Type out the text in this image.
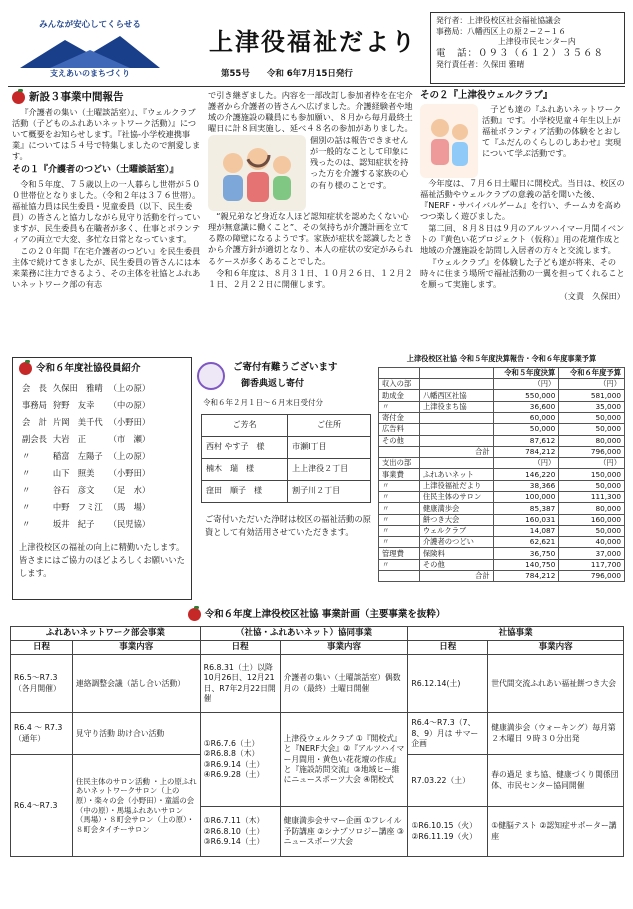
みんなが安心してくらせる
支えあいのまちづくり
上津役福祉だより
第55号 令和 6年7月15日発行
発行者：上津役校区社会福祉協議会
事務局：八幡西区上の原２−２−１６
上津役市民センター内
電　話：０９３（６１２）３５６８
発行責任者：久保田 雅晴
新設３事業中間報告

『介護者の集い（土曜談話室）』、『ウェルクラブ活動（子どものふれあいネットワーク活動）』について概要をお知らせします。『社協-小学校連携事業』については５４号で特集しましたので割愛します。

その１『介護者のつどい（土曜談話室）』

令和５年度、７５歳以上の一人暮らし世帯が５００世帯位となりました。（令和２年は３７６世帯）。福祉協力員は民生委員・児童委員（以下、民生委員）の皆さんと協力しながら見守り活動を行っていますが、民生委員も在職者が多く、仕事とボランティアの両立で大変、多忙な日常となっています。

この２０年間『在宅介護者のつどい』を民生委員主体で続けてきましたが、民生委員の皆さんには本来業務に注力できるよう、その主体を社協とふれあいネットワーク部の有志

で引き継ぎました。内容を一部改訂し参加者枠を在宅介護者から介護者の皆さんへ広げました。介護経験者や地域の介護施設の職員にも参加願い、８月から毎月最終土曜日に計８回実施し、延べ４８名の参加がありました。

個別の話は報告できませんが一般的なことして印象に残ったのは、認知症状を持った方を介護する家族の心の有り様のことです。

“親兄弟など身近な人ほど認知症状を認めたくない心理が無意識に働くこと”、その気持ちが介護計画を立てる際の障壁になるようです。家族が症状を認識したときから介護方針が適切となり、本人の症状の安定がみられるケースが多くあることでした。

令和６年度は、８月３１日、１０月２６日、１２月２１日、２月２２日に開催します。

その２『上津役ウェルクラブ』

子ども達の『ふれあいネットワーク活動』です。小学校児童４年生以上が福祉ボランティア活動の体験をとおして『ふだんのくらしのしあわせ』実現について学ぶ活動です。

今年度は、７月６日土曜日に開校式。当日は、校区の福祉活動やウェルクラブの意義の話を聞いた後、『NERF・サバイバルゲーム』を行い、チームカを高めつつ楽しく遊びました。

第二回、８月８日は９月のアルツハイマー月間イベントの『黄色い花プロジェクト（仮称）』用の花壇作成と地域の介護施設を訪問し入居者の方々と交流します。

『ウェルクラブ』を体験した子ども達が将来、その時々に住まう場所で福祉活動の一翼を担ってくれることを願って実施します。

（文責　久保田）
令和６年度社協役員紹介
会　長	久保田　雅晴	（上の原）
事務局	狩野　友幸	（中の原）
会　計	片岡　美千代	（小野田）
副会長	大岩　正	（市　瀬）
〃	稲富　左陽子	（上の原）
〃	山下　照美	（小野田）
〃	谷石　彦文	（足　水）
〃	中野　フミ江	（馬　場）
〃	坂井　紀子	（民児協）
上津役校区の福祉の向上に精勤いたします。皆さまにはご協力のほどよろしくお願いいたします。
ご寄付有難うございます
御香典返し寄付
令和６年２月１日〜６月末日受付分
ご芳名	ご住所
西村 やす子　様	市瀬Ⅰ丁目
楠木　瑞　様	上上津役２丁目
窪田　順子　様	割子川２丁目
ご寄付いただいた浄財は校区の福祉活動の原資として有効活用させていただきます。
上津役校区社協 令和５年度決算報告・令和６年度事業予算
		令和５年度決算	令和６年度予算
収入の部		（円）	（円）
助成金	八幡西区社協	550,000	581,000
〃	上津役まち協	36,600	35,000
寄付金		60,000	50,000
広告料		50,000	50,000
その他		87,612	80,000
	合計	784,212	796,000
支出の部		（円）	（円）
事業費	ふれあいネット	146,220	150,000
〃	上津役福祉だより	38,366	50,000
〃	住民主体のサロン	100,000	111,300
〃	健康満歩会	85,387	80,000
〃	餅つき大会	160,031	160,000
〃	ウェルクラブ	14,087	50,000
〃	介護者のつどい	62,621	40,000
管理費	保険料	36,750	37,000
〃	その他	140,750	117,700
	合計	784,212	796,000
令和６年度上津役校区社協 事業計画（主要事業を抜粋）
ふれあいネットワーク部会事業		（社協・ふれあいネット）協同事業		社協事業	
日程	事業内容	日程	事業内容	日程	事業内容
R6.5〜R7.3（各月開催）	連絡調整会議（話し合い活動）	R6.8.31（土）以降 10月26日、12月21日、R7年2月22日開催	介護者の集い（土曜談話室）偶数月の（最終）土曜日開催	R6.12.14(土)	世代間交流ふれあい福祉餅つき大会
R6.4 〜 R7.3（通年）	見守り活動 助け合い活動	①R6.7.6（土）②R6.8.8（木）③R6.9.14（土）④R6.9.28（土）	上津役ウェルクラブ ①『開校式』と『NERF大会』②『アルツハイマー月間用・黄色い花花壇の作成』と『施設訪問交流』③地域ヒー維にニュースポーツ大会 ④閉校式	R6.4〜R7.3（7、8、9）月は サマー企画	健康満歩会（ウォーキング）毎月第２木曜日 ９時３０分出発
R6.4〜R7.3	住民主体のサロン活動 ・上の原ふれあいネットワークサロン（上の原）・楽々の会（小野田）・童謡の会（中の原）・馬場ふれあいサロン（馬場）・８町会サロン（上の原）・８町会タイチーサロン			R7.03.22（土）	春の過足 まち協、健康づくり関係団体、市民センター協同開催
		①R6.7.11（木）②R6.8.10（土）③R6.9.14（土）	健康満歩会サマー企画 ①フレイル予防講座 ②シナプソロジー講座 ③ニュースポーツ大会	①R6.10.15（火）②R6.11.19（火）	①健脳テスト ②認知症サポーター講座
